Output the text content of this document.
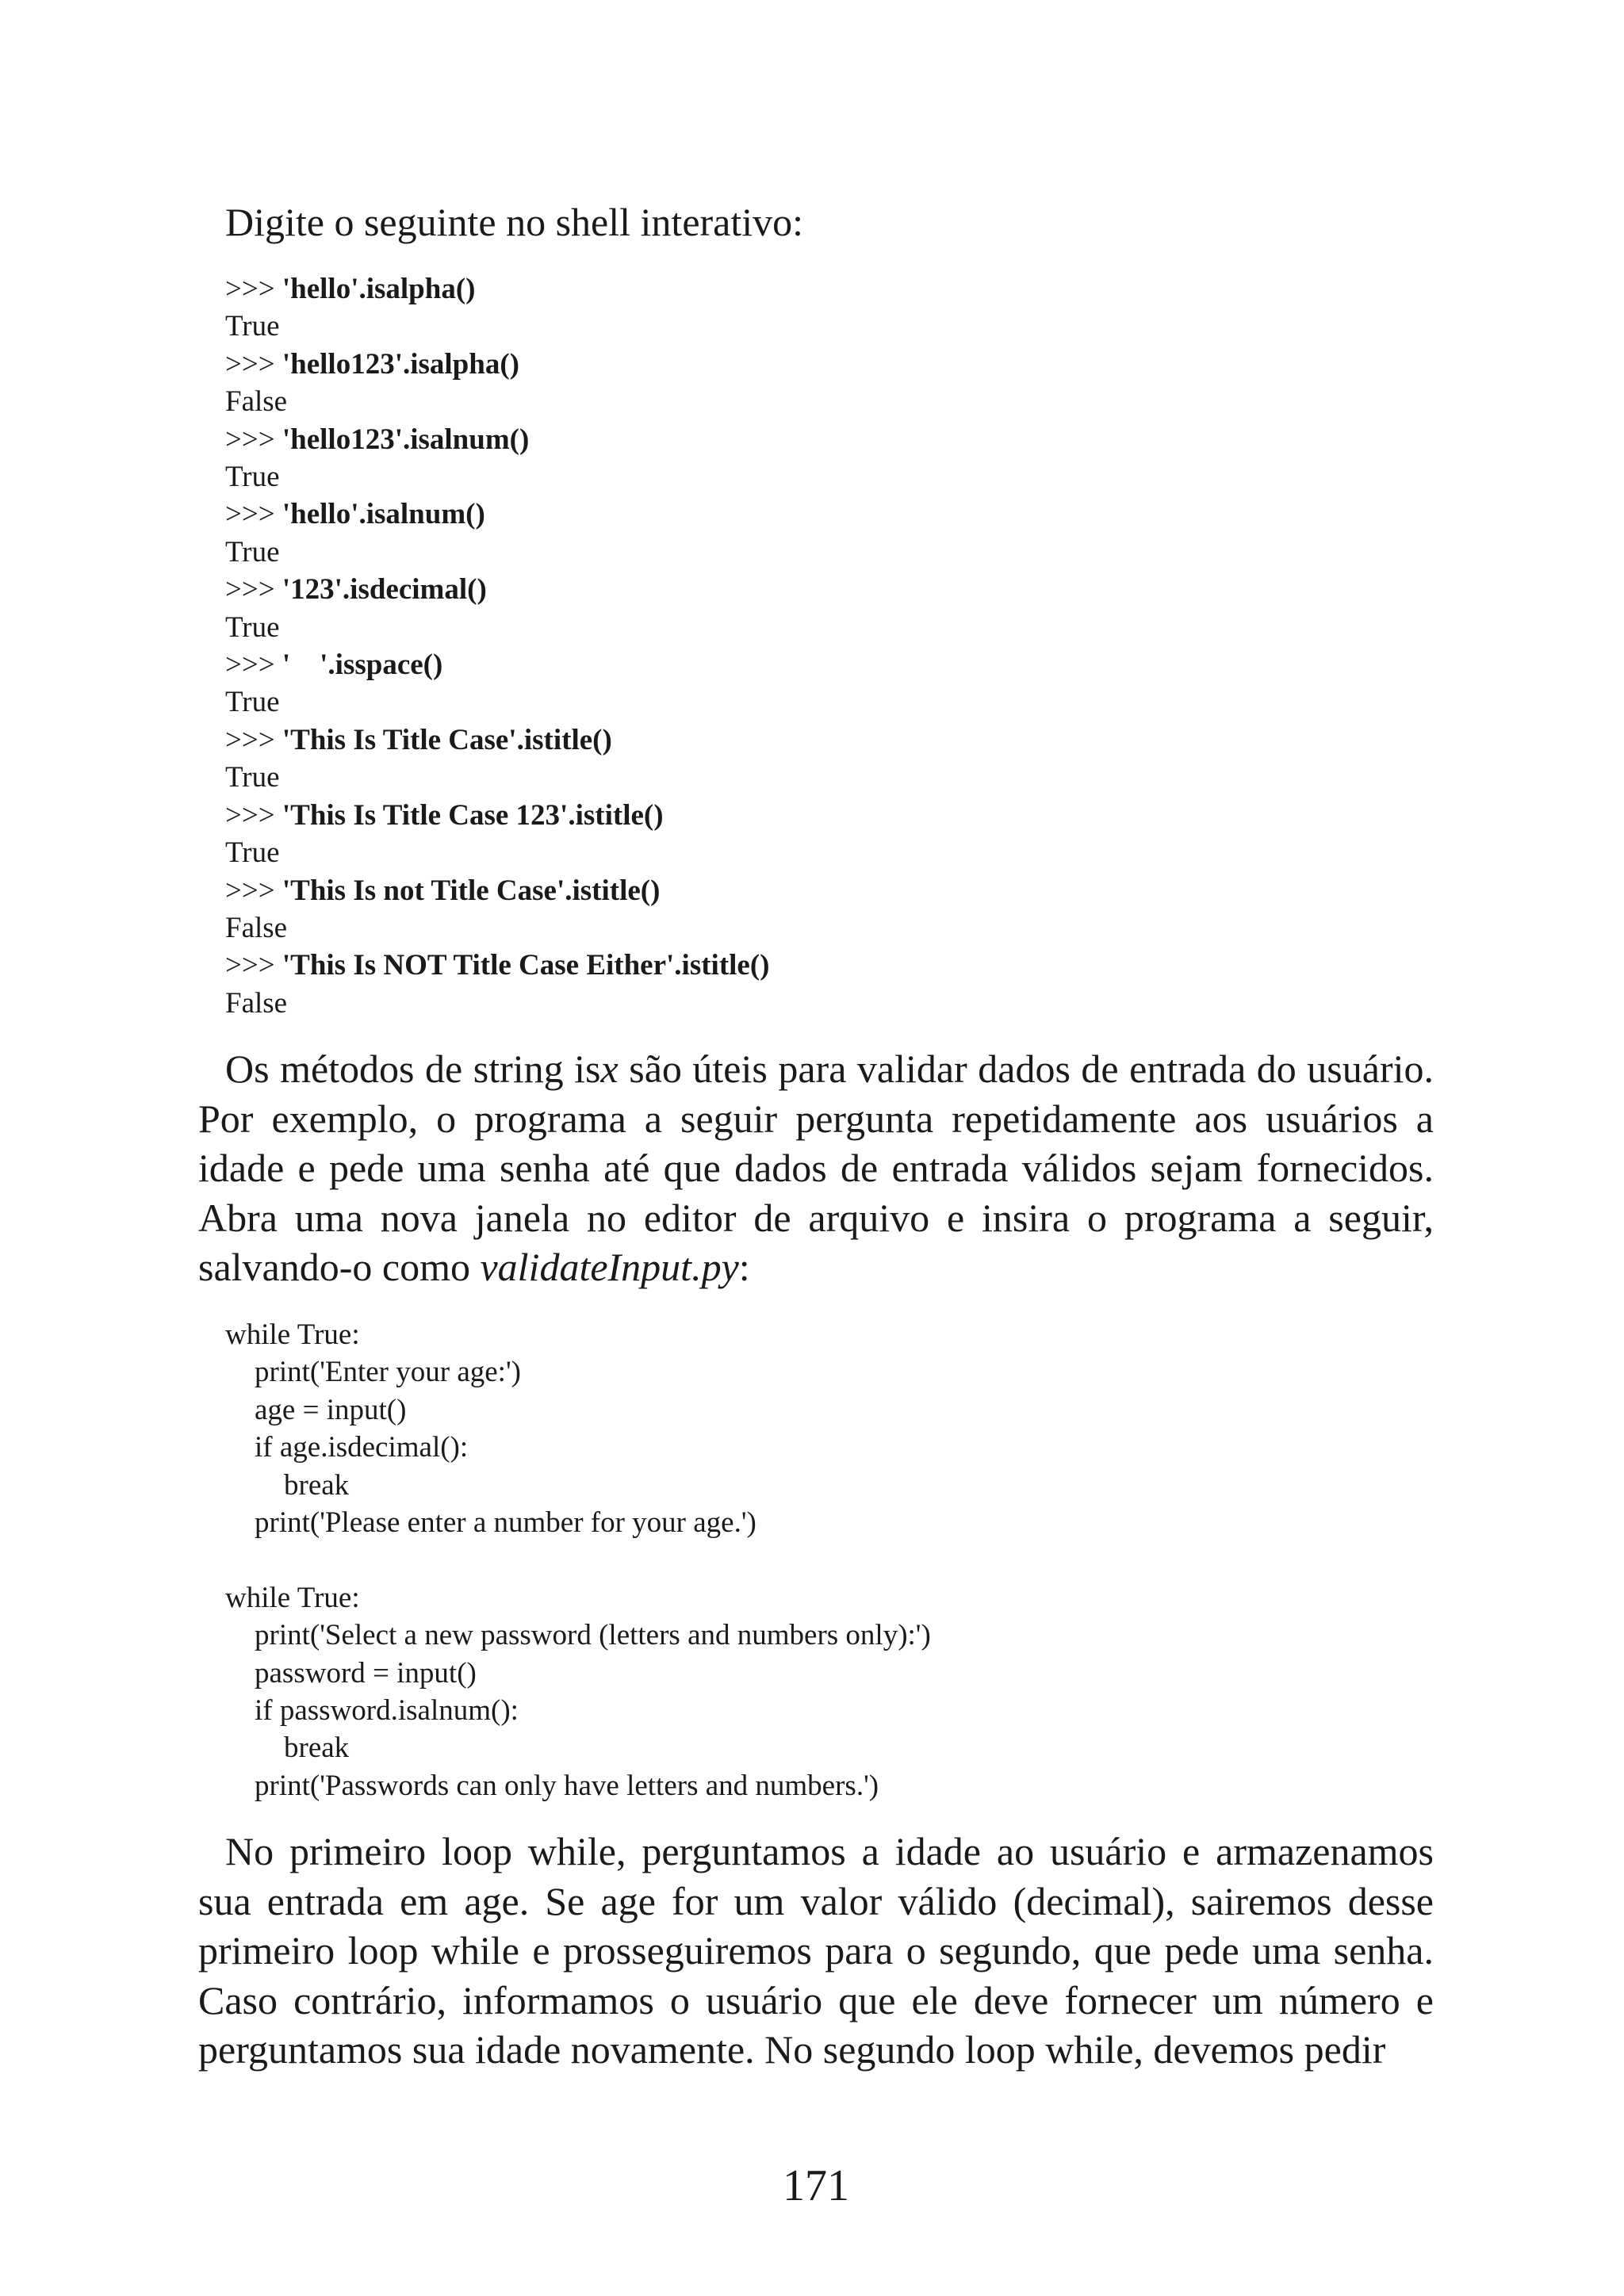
Digite o seguinte no shell interativo:

>>> 'hello'.isalpha()
True
>>> 'hello123'.isalpha()
False
>>> 'hello123'.isalnum()
True
>>> 'hello'.isalnum()
True
>>> '123'.isdecimal()
True
>>> '    '.isspace()
True
>>> 'This Is Title Case'.istitle()
True
>>> 'This Is Title Case 123'.istitle()
True
>>> 'This Is not Title Case'.istitle()
False
>>> 'This Is NOT Title Case Either'.istitle()
False

Os métodos de string isx são úteis para validar dados de entrada do usuário. Por exemplo, o programa a seguir pergunta repetidamente aos usuários a idade e pede uma senha até que dados de entrada válidos sejam fornecidos. Abra uma nova janela no editor de arquivo e insira o programa a seguir, salvando-o como validateInput.py:

while True:
print('Enter your age:')
age = input()
if age.isdecimal():
break
print('Please enter a number for your age.')
while True:
print('Select a new password (letters and numbers only):')
password = input()
if password.isalnum():
break
print('Passwords can only have letters and numbers.')

No primeiro loop while, perguntamos a idade ao usuário e armazenamos sua entrada em age. Se age for um valor válido (decimal), sairemos desse primeiro loop while e prosseguiremos para o segundo, que pede uma senha. Caso contrário, informamos o usuário que ele deve fornecer um número e perguntamos sua idade novamente. No segundo loop while, devemos pedir

171
